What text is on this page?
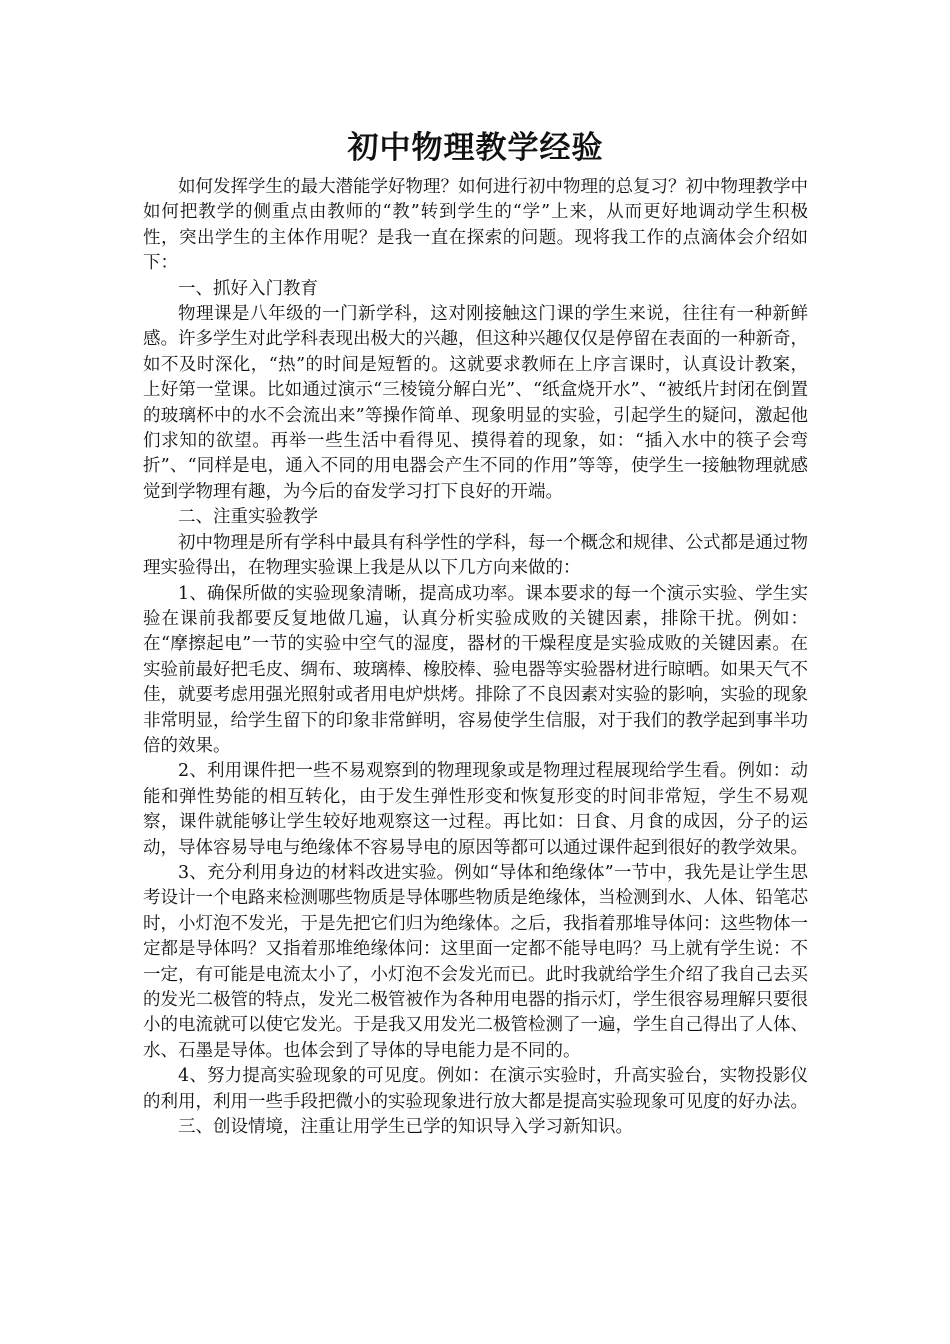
初中物理教学经验

如何发挥学生的最大潜能学好物理？如何进行初中物理的总复习？初中物理教学中如何把教学的侧重点由教师的“教”转到学生的“学”上来，从而更好地调动学生积极性，突出学生的主体作用呢？是我一直在探索的问题。现将我工作的点滴体会介绍如下：

一、抓好入门教育

物理课是八年级的一门新学科，这对刚接触这门课的学生来说，往往有一种新鲜感。许多学生对此学科表现出极大的兴趣，但这种兴趣仅仅是停留在表面的一种新奇，如不及时深化，“热”的时间是短暂的。这就要求教师在上序言课时，认真设计教案，上好第一堂课。比如通过演示“三棱镜分解白光”、“纸盒烧开水”、“被纸片封闭在倒置的玻璃杯中的水不会流出来”等操作简单、现象明显的实验，引起学生的疑问，激起他们求知的欲望。再举一些生活中看得见、摸得着的现象，如：“插入水中的筷子会弯折”、“同样是电，通入不同的用电器会产生不同的作用”等等，使学生一接触物理就感觉到学物理有趣，为今后的奋发学习打下良好的开端。

二、注重实验教学

初中物理是所有学科中最具有科学性的学科，每一个概念和规律、公式都是通过物理实验得出，在物理实验课上我是从以下几方向来做的：

1、确保所做的实验现象清晰，提高成功率。课本要求的每一个演示实验、学生实验在课前我都要反复地做几遍，认真分析实验成败的关键因素，排除干扰。例如：在“摩擦起电”一节的实验中空气的湿度，器材的干燥程度是实验成败的关键因素。在实验前最好把毛皮、绸布、玻璃棒、橡胶棒、验电器等实验器材进行晾晒。如果天气不佳，就要考虑用强光照射或者用电炉烘烤。排除了不良因素对实验的影响，实验的现象非常明显，给学生留下的印象非常鲜明，容易使学生信服，对于我们的教学起到事半功倍的效果。

2、利用课件把一些不易观察到的物理现象或是物理过程展现给学生看。例如：动能和弹性势能的相互转化，由于发生弹性形变和恢复形变的时间非常短，学生不易观察，课件就能够让学生较好地观察这一过程。再比如：日食、月食的成因，分子的运动，导体容易导电与绝缘体不容易导电的原因等都可以通过课件起到很好的教学效果。

3、充分利用身边的材料改进实验。例如“导体和绝缘体”一节中，我先是让学生思考设计一个电路来检测哪些物质是导体哪些物质是绝缘体，当检测到水、人体、铅笔芯时，小灯泡不发光，于是先把它们归为绝缘体。之后，我指着那堆导体问：这些物体一定都是导体吗？又指着那堆绝缘体问：这里面一定都不能导电吗？马上就有学生说：不一定，有可能是电流太小了，小灯泡不会发光而已。此时我就给学生介绍了我自己去买的发光二极管的特点，发光二极管被作为各种用电器的指示灯，学生很容易理解只要很小的电流就可以使它发光。于是我又用发光二极管检测了一遍，学生自己得出了人体、水、石墨是导体。也体会到了导体的导电能力是不同的。

4、努力提高实验现象的可见度。例如：在演示实验时，升高实验台，实物投影仪的利用，利用一些手段把微小的实验现象进行放大都是提高实验现象可见度的好办法。

三、创设情境，注重让用学生已学的知识导入学习新知识。
